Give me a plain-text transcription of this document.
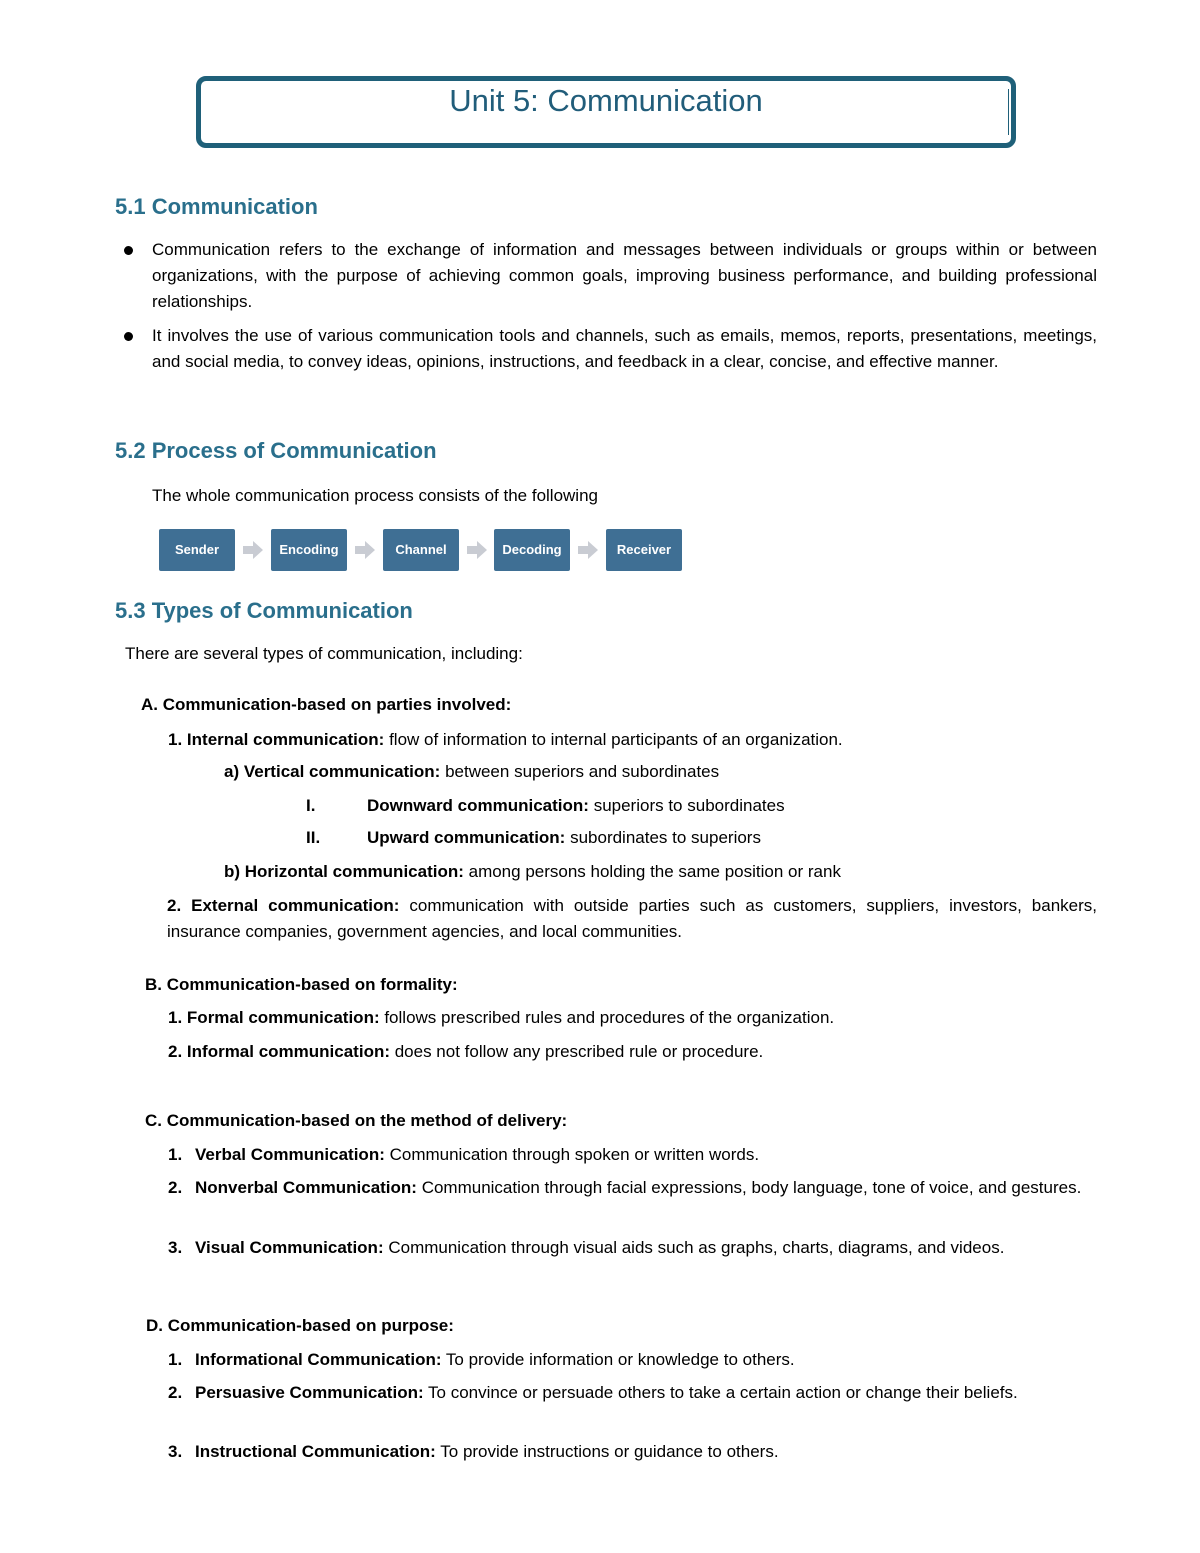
Unit 5: Communication
5.1 Communication
Communication refers to the exchange of information and messages between individuals or groups within or between organizations, with the purpose of achieving common goals, improving business performance, and building professional relationships.
It involves the use of various communication tools and channels, such as emails, memos, reports, presentations, meetings, and social media, to convey ideas, opinions, instructions, and feedback in a clear, concise, and effective manner.
5.2 Process of Communication
The whole communication process consists of the following
Sender	Encoding	Channel	Decoding	Receiver
5.3 Types of Communication
There are several types of communication, including:
A. Communication-based on parties involved:
1. Internal communication: flow of information to internal participants of an organization.
a) Vertical communication: between superiors and subordinates
I.	Downward communication: superiors to subordinates
II.	Upward communication: subordinates to superiors
b) Horizontal communication: among persons holding the same position or rank
2. External communication: communication with outside parties such as customers, suppliers, investors, bankers, insurance companies, government agencies, and local communities.
B. Communication-based on formality:
1. Formal communication: follows prescribed rules and procedures of the organization.
2. Informal communication: does not follow any prescribed rule or procedure.
C. Communication-based on the method of delivery:
1. Verbal Communication: Communication through spoken or written words.
2. Nonverbal Communication: Communication through facial expressions, body language, tone of voice, and gestures.
3. Visual Communication: Communication through visual aids such as graphs, charts, diagrams, and videos.
D. Communication-based on purpose:
1. Informational Communication: To provide information or knowledge to others.
2. Persuasive Communication: To convince or persuade others to take a certain action or change their beliefs.
3. Instructional Communication: To provide instructions or guidance to others.
